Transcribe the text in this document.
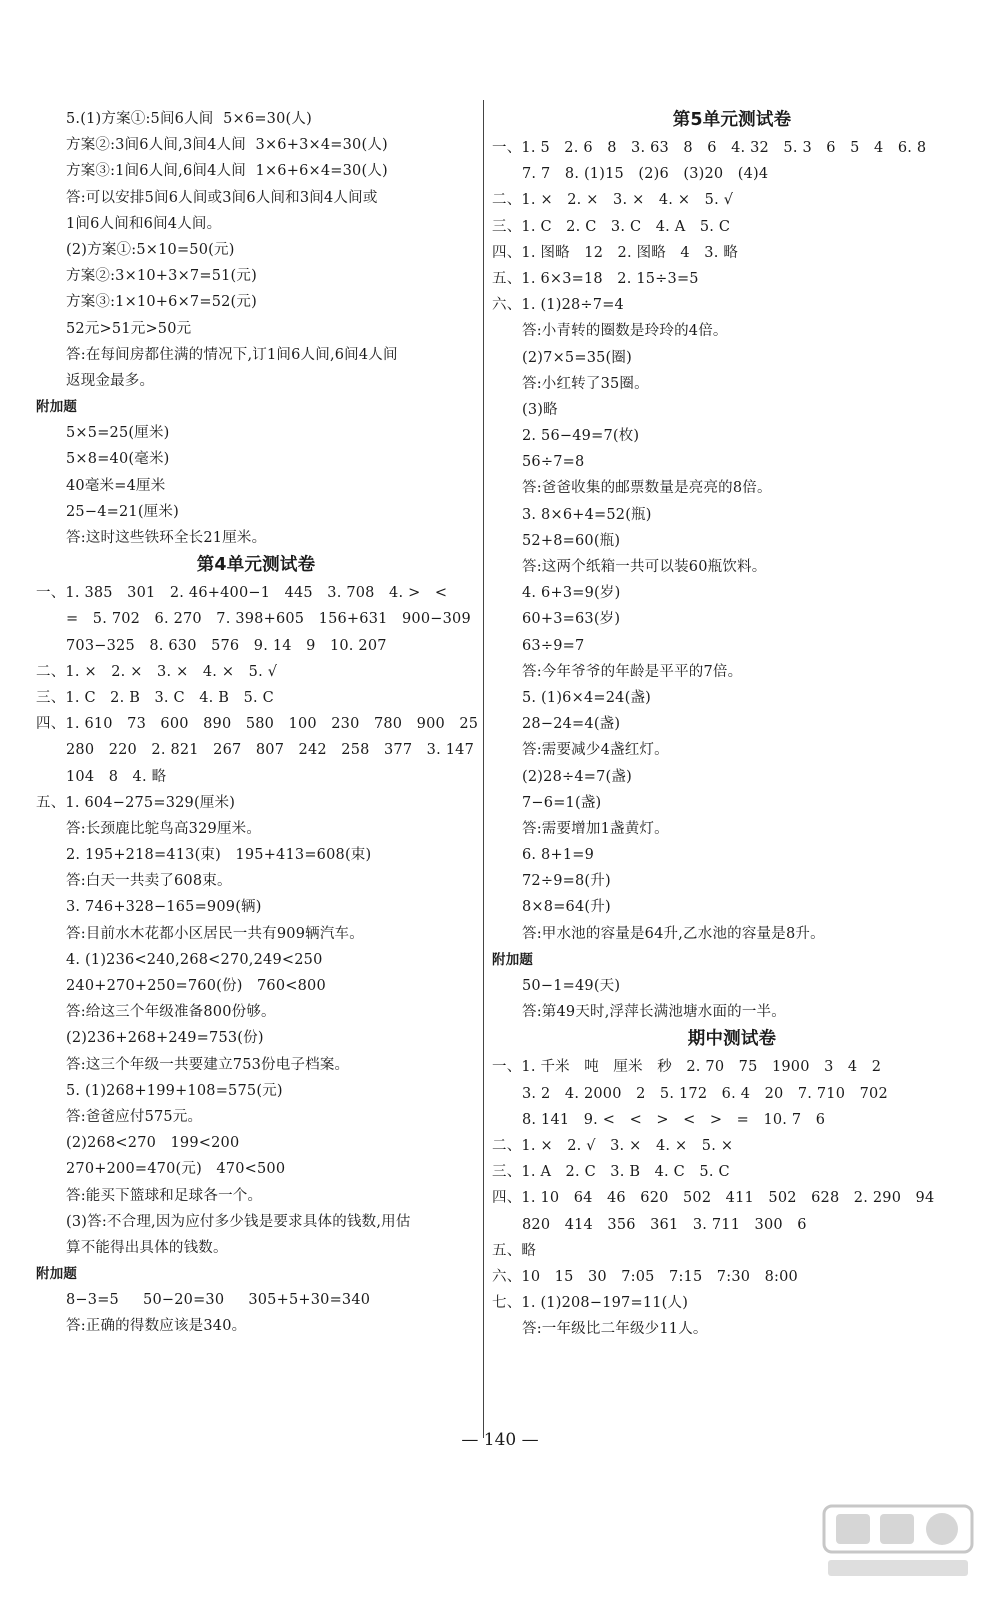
5.(1)方案①:5间6人间  5×6=30(人)
方案②:3间6人间,3间4人间  3×6+3×4=30(人)
方案③:1间6人间,6间4人间  1×6+6×4=30(人)
答:可以安排5间6人间或3间6人间和3间4人间或
1间6人间和6间4人间。
(2)方案①:5×10=50(元)
方案②:3×10+3×7=51(元)
方案③:1×10+6×7=52(元)
52元>51元>50元
答:在每间房都住满的情况下,订1间6人间,6间4人间
返现金最多。
附加题
5×5=25(厘米)
5×8=40(毫米)
40毫米=4厘米
25−4=21(厘米)
答:这时这些铁环全长21厘米。
第4单元测试卷
一、1. 385   301   2. 46+400−1   445   3. 708   4. >   <
=   5. 702   6. 270   7. 398+605   156+631   900−309
703−325   8. 630   576   9. 14   9   10. 207
二、1. ×   2. ×   3. ×   4. ×   5. √
三、1. C   2. B   3. C   4. B   5. C
四、1. 610   73   600   890   580   100   230   780   900   25
280   220   2. 821   267   807   242   258   377   3. 147
104   8   4. 略
五、1. 604−275=329(厘米)
答:长颈鹿比鸵鸟高329厘米。
2. 195+218=413(束)   195+413=608(束)
答:白天一共卖了608束。
3. 746+328−165=909(辆)
答:目前水木花都小区居民一共有909辆汽车。
4. (1)236<240,268<270,249<250
240+270+250=760(份)   760<800
答:给这三个年级准备800份够。
(2)236+268+249=753(份)
答:这三个年级一共要建立753份电子档案。
5. (1)268+199+108=575(元)
答:爸爸应付575元。
(2)268<270   199<200
270+200=470(元)   470<500
答:能买下篮球和足球各一个。
(3)答:不合理,因为应付多少钱是要求具体的钱数,用估
算不能得出具体的钱数。
附加题
8−3=5     50−20=30     305+5+30=340
答:正确的得数应该是340。
第5单元测试卷
一、1. 5   2. 6   8   3. 63   8   6   4. 32   5. 3   6   5   4   6. 8
7. 7   8. (1)15   (2)6   (3)20   (4)4
二、1. ×   2. ×   3. ×   4. ×   5. √
三、1. C   2. C   3. C   4. A   5. C
四、1. 图略   12   2. 图略   4   3. 略
五、1. 6×3=18   2. 15÷3=5
六、1. (1)28÷7=4
答:小青转的圈数是玲玲的4倍。
(2)7×5=35(圈)
答:小红转了35圈。
(3)略
2. 56−49=7(枚)
56÷7=8
答:爸爸收集的邮票数量是亮亮的8倍。
3. 8×6+4=52(瓶)
52+8=60(瓶)
答:这两个纸箱一共可以装60瓶饮料。
4. 6+3=9(岁)
60+3=63(岁)
63÷9=7
答:今年爷爷的年龄是平平的7倍。
5. (1)6×4=24(盏)
28−24=4(盏)
答:需要减少4盏红灯。
(2)28÷4=7(盏)
7−6=1(盏)
答:需要增加1盏黄灯。
6. 8+1=9
72÷9=8(升)
8×8=64(升)
答:甲水池的容量是64升,乙水池的容量是8升。
附加题
50−1=49(天)
答:第49天时,浮萍长满池塘水面的一半。
期中测试卷
一、1. 千米   吨   厘米   秒   2. 70   75   1900   3   4   2
3. 2   4. 2000   2   5. 172   6. 4   20   7. 710   702
8. 141   9. <   <   >   <   >   =   10. 7   6
二、1. ×   2. √   3. ×   4. ×   5. ×
三、1. A   2. C   3. B   4. C   5. C
四、1. 10   64   46   620   502   411   502   628   2. 290   94
820   414   356   361   3. 711   300   6
五、略
六、10   15   30   7:05   7:15   7:30   8:00
七、1. (1)208−197=11(人)
答:一年级比二年级少11人。
— 140 —
